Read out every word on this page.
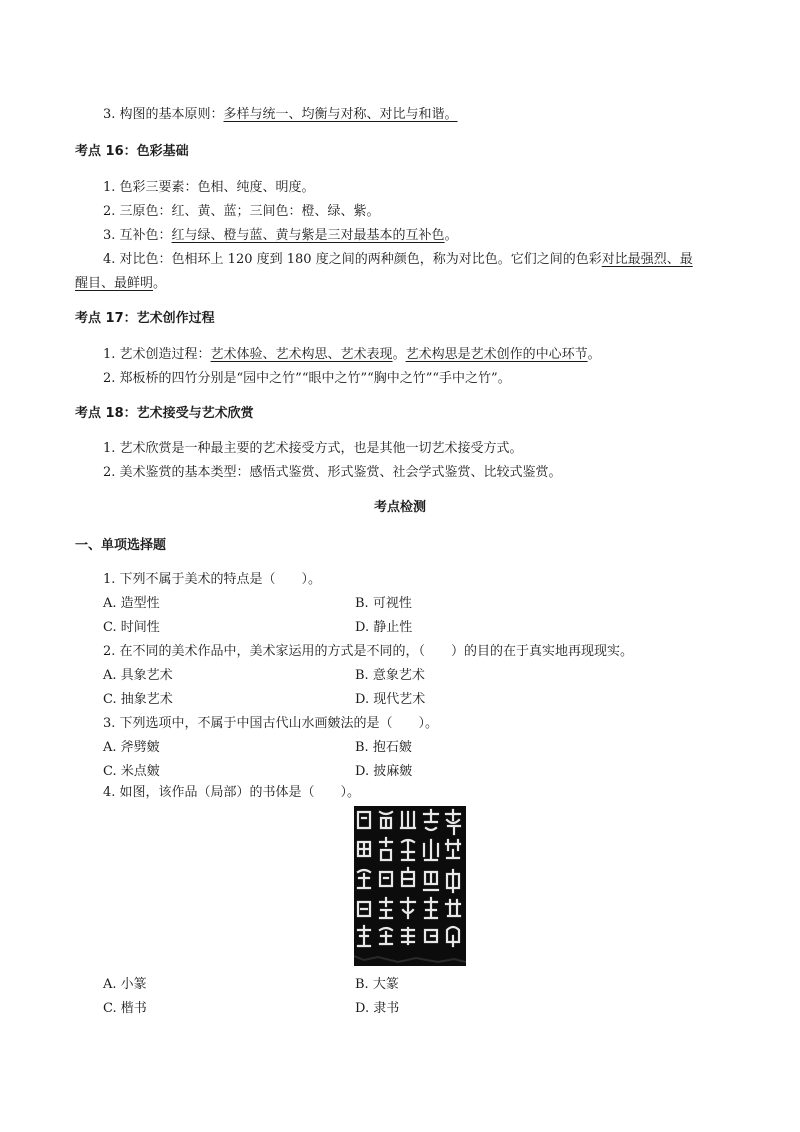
3. 构图的基本原则：多样与统一、均衡与对称、对比与和谐。
考点 16：色彩基础
1. 色彩三要素：色相、纯度、明度。
2. 三原色：红、黄、蓝；三间色：橙、绿、紫。
3. 互补色：红与绿、橙与蓝、黄与紫是三对最基本的互补色。
4. 对比色：色相环上 120 度到 180 度之间的两种颜色，称为对比色。它们之间的色彩对比最强烈、最
醒目、最鲜明。
考点 17：艺术创作过程
1. 艺术创造过程：艺术体验、艺术构思、艺术表现。艺术构思是艺术创作的中心环节。
2. 郑板桥的四竹分别是“园中之竹”“眼中之竹”“胸中之竹”“手中之竹”。
考点 18：艺术接受与艺术欣赏
1. 艺术欣赏是一种最主要的艺术接受方式，也是其他一切艺术接受方式。
2. 美术鉴赏的基本类型：感悟式鉴赏、形式鉴赏、社会学式鉴赏、比较式鉴赏。
考点检测
一、单项选择题
1. 下列不属于美术的特点是（　　）。
A. 造型性	B. 可视性
C. 时间性	D. 静止性
2. 在不同的美术作品中，美术家运用的方式是不同的，（　　）的目的在于真实地再现现实。
A. 具象艺术	B. 意象艺术
C. 抽象艺术	D. 现代艺术
3. 下列选项中，不属于中国古代山水画皴法的是（　　）。
A. 斧劈皴	B. 抱石皴
C. 米点皴	D. 披麻皴
4. 如图，该作品（局部）的书体是（　　）。
A. 小篆	B. 大篆
C. 楷书	D. 隶书
